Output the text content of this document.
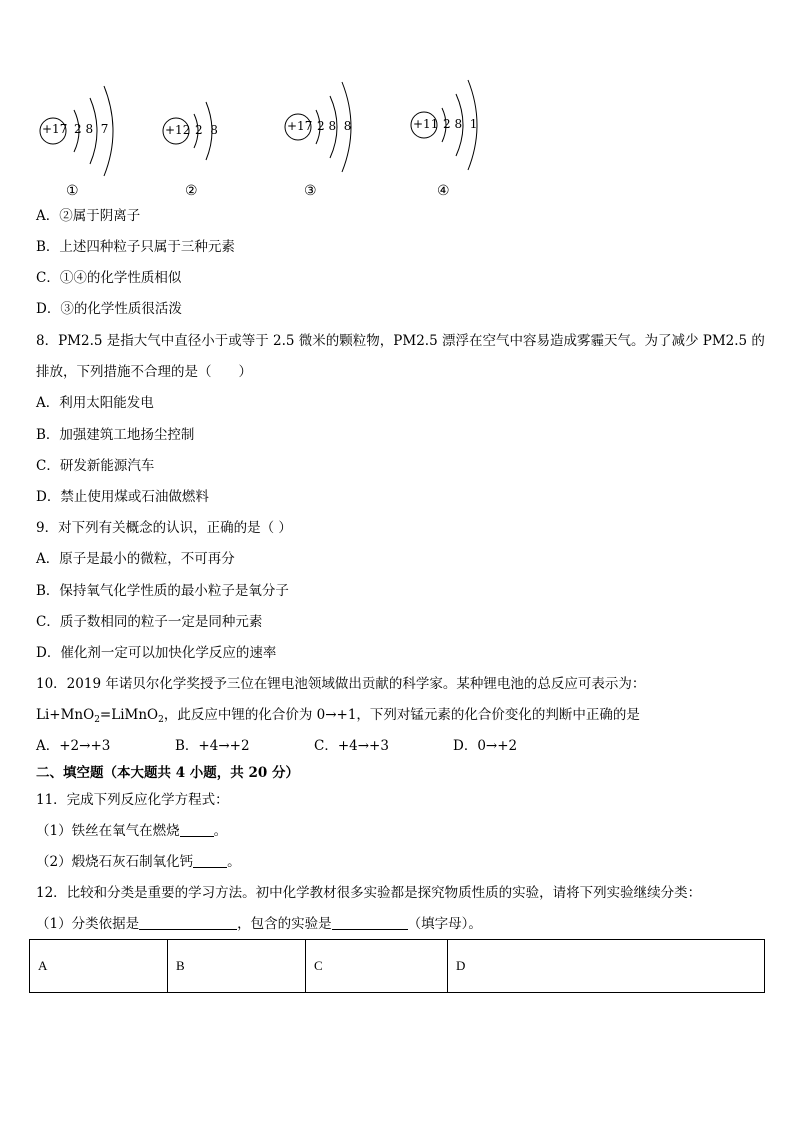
+17 2 8  7	+12 2  8	+17 2 8  8	+11 2 8  1
①	②	③	④
A．②属于阴离子
B．上述四种粒子只属于三种元素
C．①④的化学性质相似
D．③的化学性质很活泼
8．PM2.5 是指大气中直径小于或等于 2.5 微米的颗粒物，PM2.5 漂浮在空气中容易造成雾霾天气。为了减少 PM2.5 的
排放，下列措施不合理的是（　　）
A．利用太阳能发电
B．加强建筑工地扬尘控制
C．研发新能源汽车
D．禁止使用煤或石油做燃料
9．对下列有关概念的认识，正确的是（ ）
A．原子是最小的微粒，不可再分
B．保持氧气化学性质的最小粒子是氧分子
C．质子数相同的粒子一定是同种元素
D．催化剂一定可以加快化学反应的速率
10．2019 年诺贝尔化学奖授予三位在锂电池领域做出贡献的科学家。某种锂电池的总反应可表示为：
Li+MnO$_2$=LiMnO$_2$，此反应中锂的化合价为 0→+1，下列对锰元素的化合价变化的判断中正确的是
A．+2→+3	B．+4→+2	C．+4→+3	D．0→+2
二、填空题（本大题共 4 小题，共 20 分）
11．完成下列反应化学方程式：
（1）铁丝在氧气在燃烧	。
（2）煅烧石灰石制氧化钙	。
12．比较和分类是重要的学习方法。初中化学教材很多实验都是探究物质性质的实验，请将下列实验继续分类：
（1）分类依据是	，包含的实验是	（填字母）。
A	B	C	D
